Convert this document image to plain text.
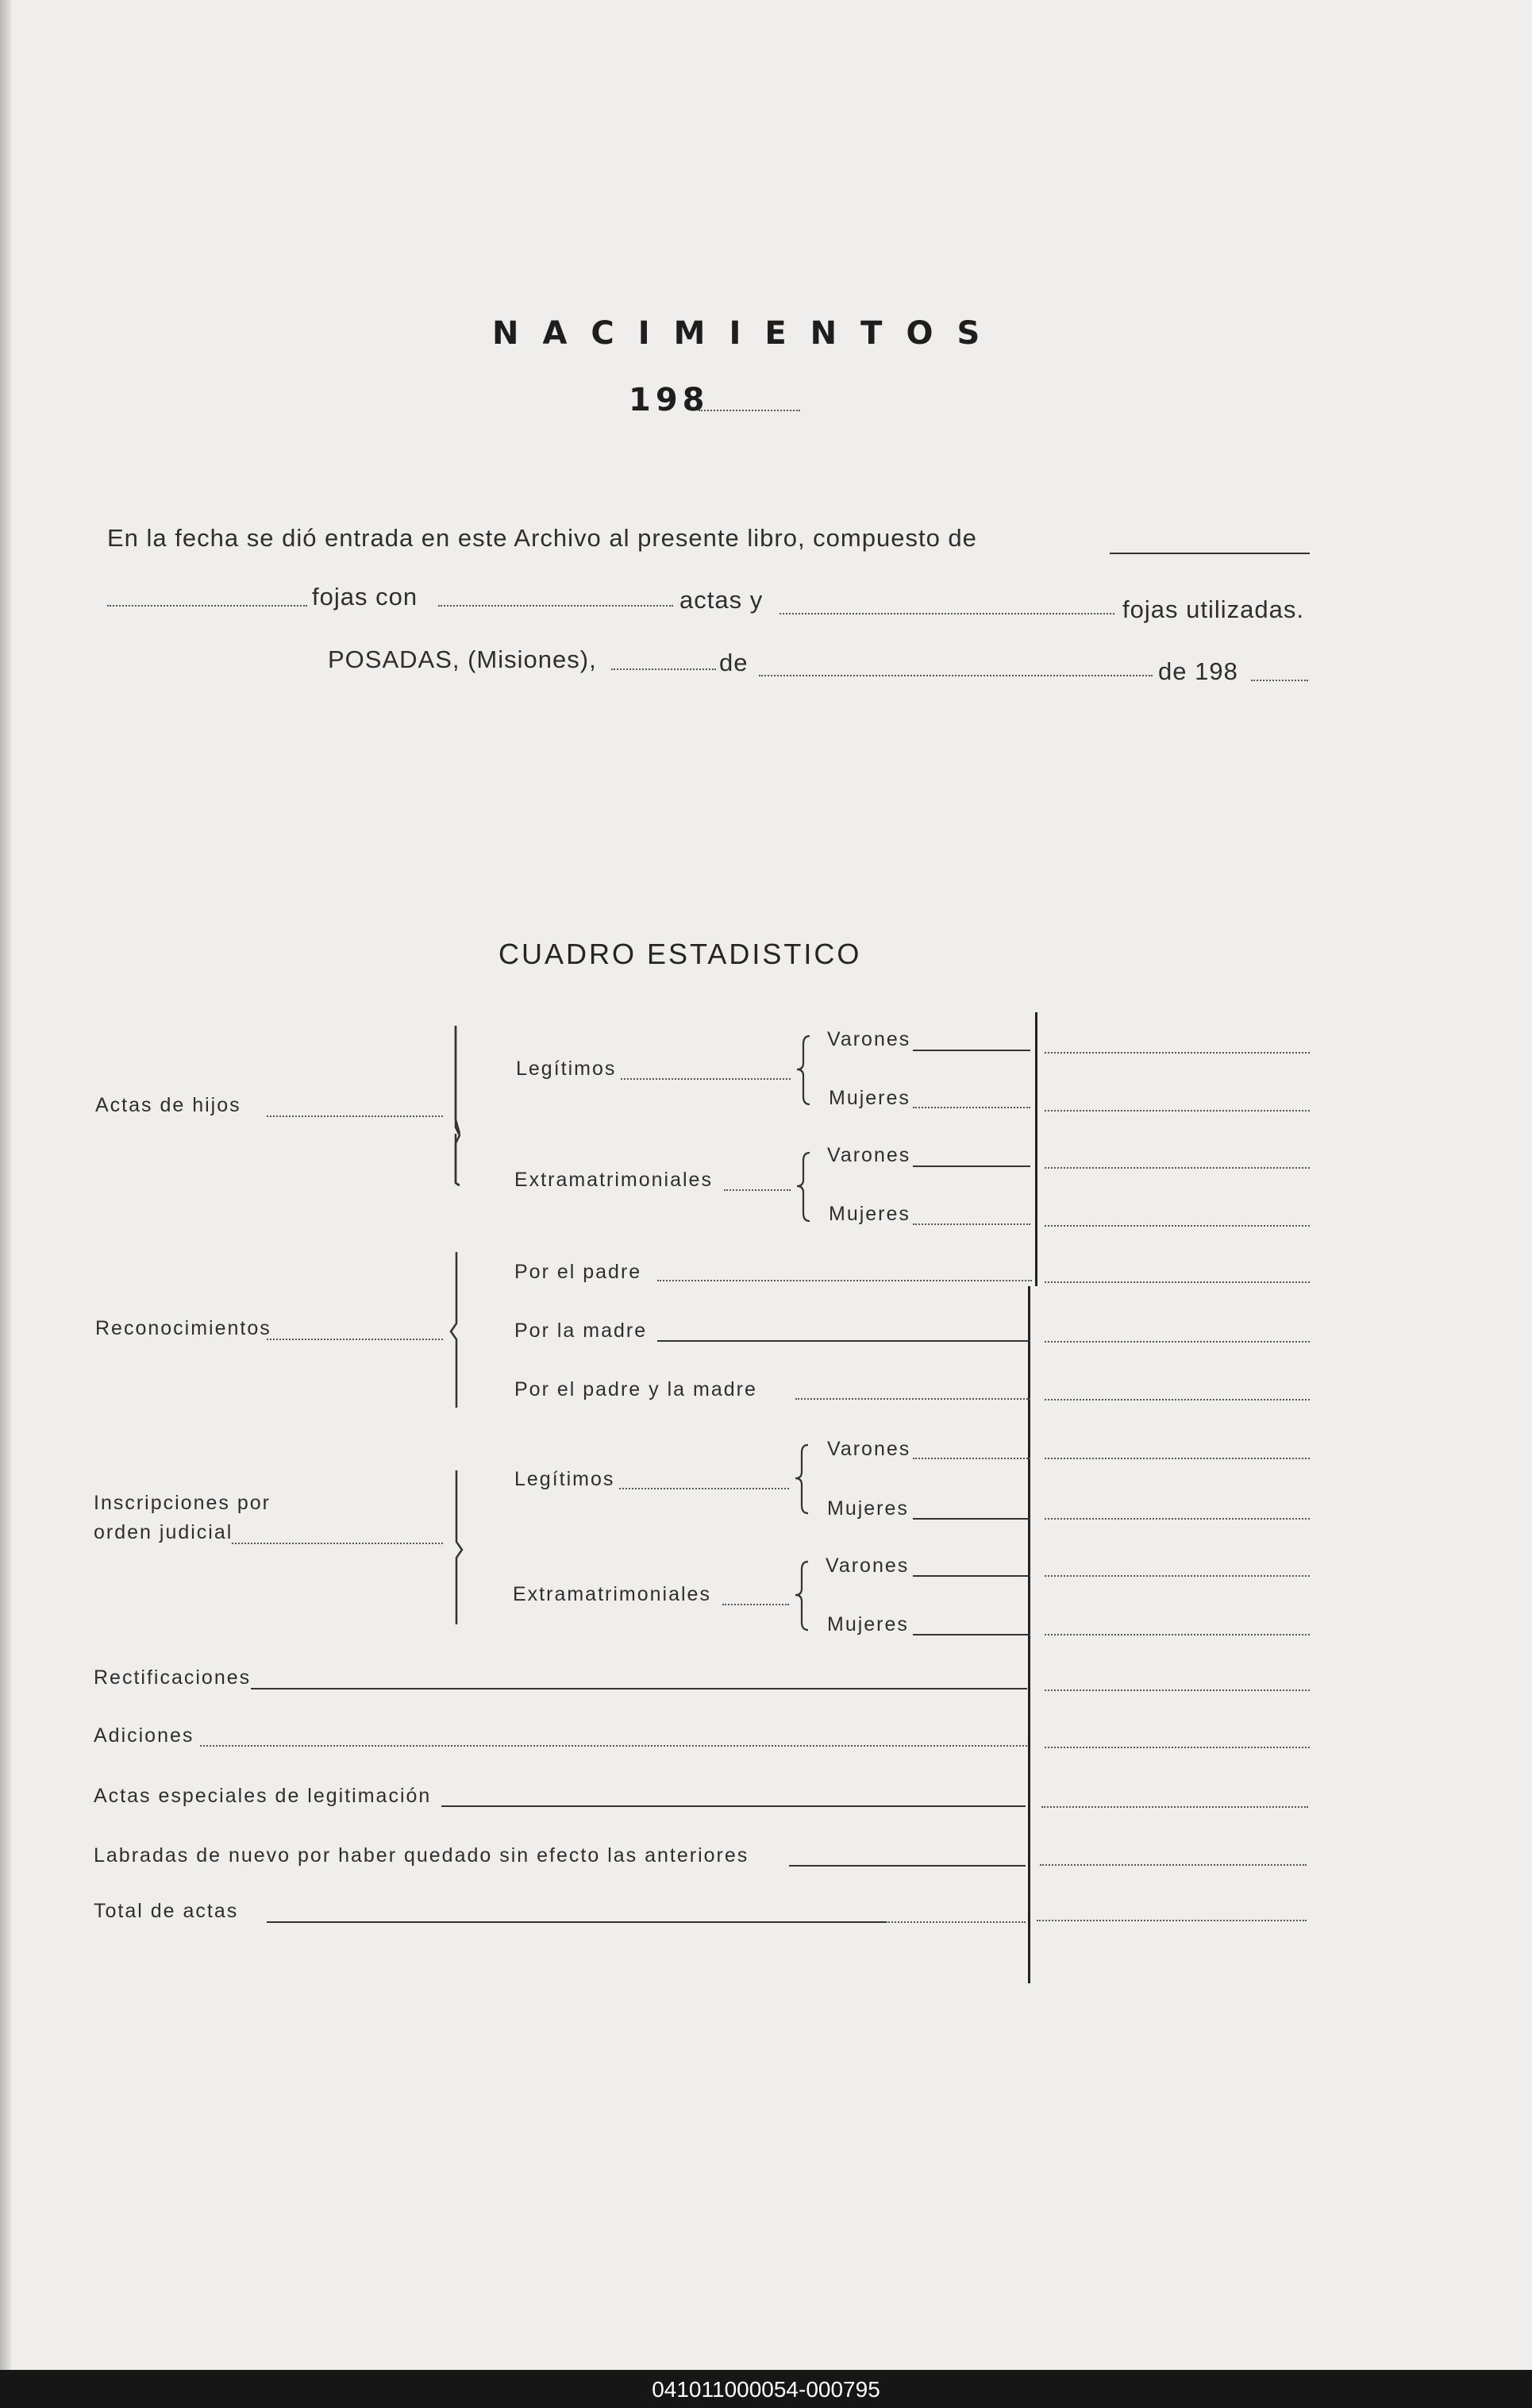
NACIMIENTOS
198
En la fecha se dió entrada en este Archivo al presente libro, compuesto de
fojas con	actas y	fojas utilizadas.
POSADAS, (Misiones),	de	de 198
CUADRO ESTADISTICO
Actas de hijos
Legítimos
Varones
Mujeres
Extramatrimoniales
Varones
Mujeres
Reconocimientos
Por el padre
Por la madre
Por el padre y la madre
Inscripciones por
orden judicial
Legítimos
Varones
Mujeres
Extramatrimoniales
Varones
Mujeres
Rectificaciones
Adiciones
Actas especiales de legitimación
Labradas de nuevo por haber quedado sin efecto las anteriores
Total de actas
041011000054-000795
